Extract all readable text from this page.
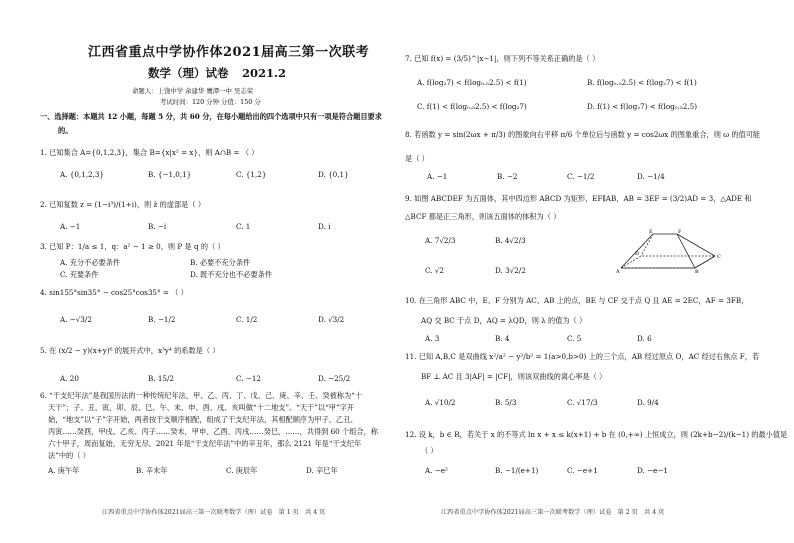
江西省重点中学协作体2021届高三第一次联考
数学（理）试卷 2021.2
命题人：上饶中学 余建华 鹰潭一中 吴志荣
考试时间：120 分钟 分值：150 分
一、选择题：本题共 12 小题，每题 5 分，共 60 分，在每小题给出的四个选项中只有一项是符合题目要求
的。
1. 已知集合 A={0,1,2,3}，集合 B={x|x² = x}，则 A∩B = （ ）
A. {0,1,2,3}	B. {−1,0,1}	C. {1,2}	D. {0,1}
2. 已知复数 z = (1−i³)/(1+i)，则 z̄ 的虚部是（ ）
A. −1	B. −i	C. 1	D. i
3. 已知 P：1/a ≤ 1，q：a² − 1 ≥ 0，则 P 是 q 的（ ）
A. 充分不必要条件	B. 必要不充分条件
C. 充要条件	D. 既不充分也不必要条件
4. sin155°sin35° − cos25°cos35° = （ ）
A. −√3/2	B. −1/2	C. 1/2	D. √3/2
5. 在 (x/2 − y)(x+y)⁶ 的展开式中，x³y⁴ 的系数是（ ）
A. 20	B. 15/2	C. −12	D. −25/2
6. “干支纪年法”是我国历法的一种传统纪年法，甲、乙、丙、丁、戊、己、庚、辛、壬、癸被称为“十
天干”；子、丑、寅、卯、辰、巳、午、未、申、酉、戌、亥叫做“十二地支”。“天干”以“甲”字开
始，“地支”以“子”字开始，两者按干支顺序相配，组成了干支纪年法，其相配顺序为甲子、乙丑、
丙寅……癸酉，甲戌、乙亥、丙子……癸未，甲申、乙酉、丙戌……癸巳，……，共得到 60 个组合，称
六十甲子，周而复始，无穷无尽。2021 年是“干支纪年法”中的辛丑年，那么 2121 年是“干支纪年
法”中的（ ）
A. 庚午年	B. 辛未年	C. 庚辰年	D. 辛巳年
江西省重点中学协作体2021届高三第一次联考数学（理）试卷　第 1 页　共 4 页
7. 已知 f(x) = (3/5)^|x−1|，则下列不等关系正确的是（ ）
A. f(log₂7) < f(log₀.₅2.5) < f(1)	B. f(log₀.₅2.5) < f(log₂7) < f(1)
C. f(1) < f(log₀.₅2.5) < f(log₂7)	D. f(1) < f(log₂7) < f(log₀.₅2.5)
8. 若函数 y = sin(2ωx + π/3) 的图象向右平移 π/6 个单位后与函数 y = cos2ωx 的图象重合，则 ω 的值可能
是（ ）
A. −1	B. −2	C. −1/2	D. −1/4
9. 如图 ABCDEF 为五面体，其中四边形 ABCD 为矩形，EF∥AB，AB = 3EF = (3/2)AD = 3，△ADE 和
△BCF 都是正三角形，则该五面体的体积为（ ）
A. 7√2/3	B. 4√2/3
C. √2	D. 3√2/2
E	F
A	B
C
D
10. 在三角形 ABC 中，E、F 分别为 AC、AB 上的点，BE 与 CF 交于点 Q 且 AE = 2EC，AF = 3FB，
AQ 交 BC 于点 D，AQ = λQD，则 λ 的值为（ ）
A. 3	B. 4	C. 5	D. 6
11. 已知 A,B,C 是双曲线 x²/a² − y²/b² = 1(a>0,b>0) 上的三个点，AB 经过原点 O，AC 经过右焦点 F，若
BF ⊥ AC 且 3|AF| = |CF|，则该双曲线的离心率是（ ）
A. √10/2	B. 5/3	C. √17/3	D. 9/4
12. 设 k，b ∈ R，若关于 x 的不等式 ln x + x ≤ k(x+1) + b 在 (0,+∞) 上恒成立，则 (2k+b−2)/(k−1) 的最小值是
（ ）
A. −e²	B. −1/(e+1)	C. −e+1	D. −e−1
江西省重点中学协作体2021届高三第一次联考数学（理）试卷　第 2 页　共 4 页
